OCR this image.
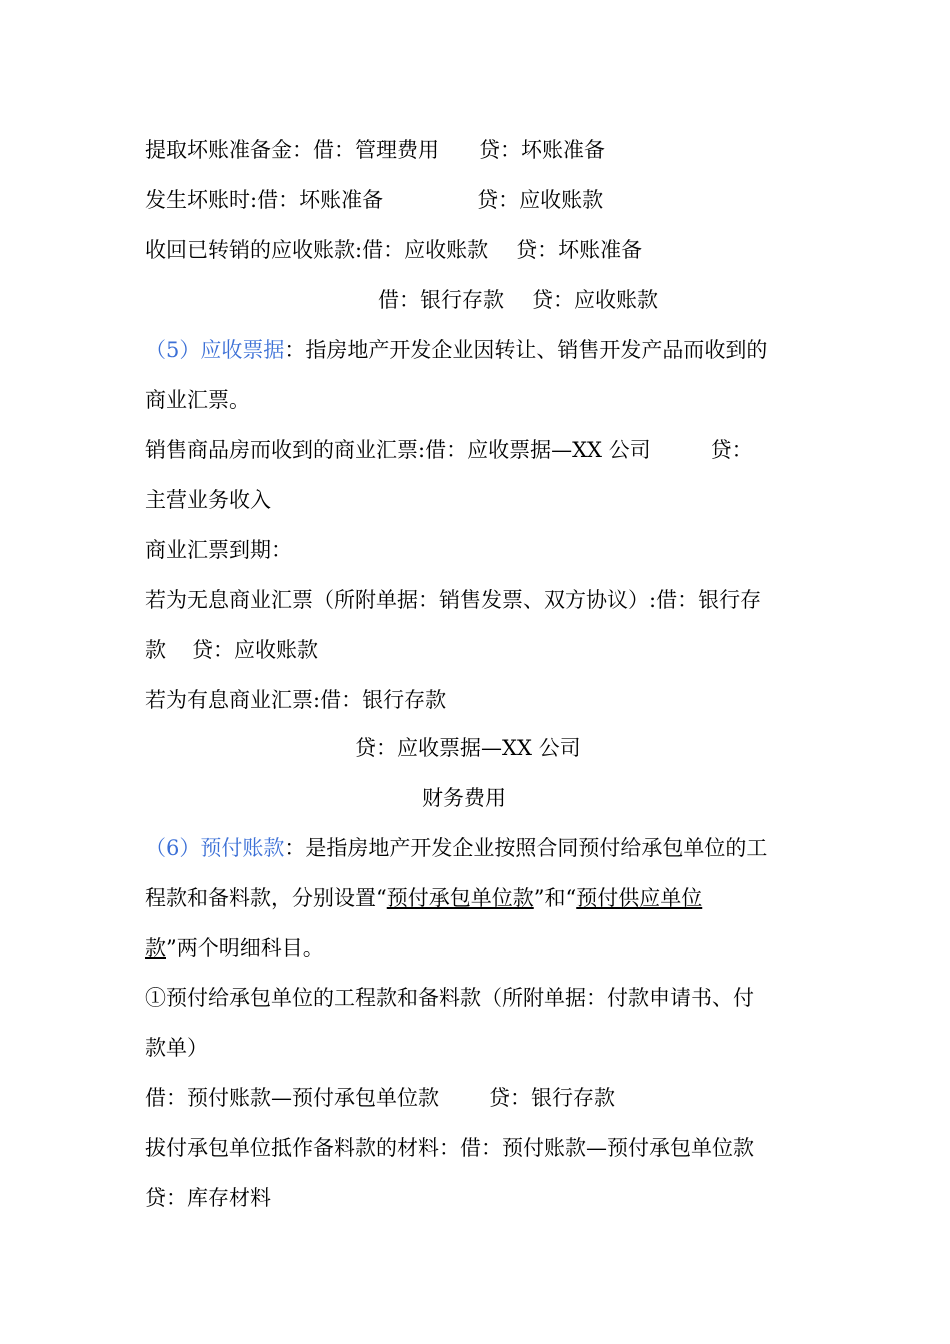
提取坏账准备金：借：管理费用 贷：坏账准备
发生坏账时:借：坏账准备	贷：应收账款
收回已转销的应收账款:借：应收账款 贷：坏账准备
借：银行存款 贷：应收账款
（5）应收票据：指房地产开发企业因转让、销售开发产品而收到的
商业汇票。
销售商品房而收到的商业汇票:借：应收票据—XX 公司	贷：
主营业务收入
商业汇票到期：
若为无息商业汇票（所附单据：销售发票、双方协议）:借：银行存
款 贷：应收账款
若为有息商业汇票:借：银行存款
贷：应收票据—XX 公司
财务费用
（6）预付账款：是指房地产开发企业按照合同预付给承包单位的工
程款和备料款，分别设置“预付承包单位款”和“预付供应单位
款”两个明细科目。
①预付给承包单位的工程款和备料款（所附单据：付款申请书、付
款单）
借：预付账款—预付承包单位款 贷：银行存款
拔付承包单位抵作备料款的材料：借：预付账款—预付承包单位款
贷：库存材料
